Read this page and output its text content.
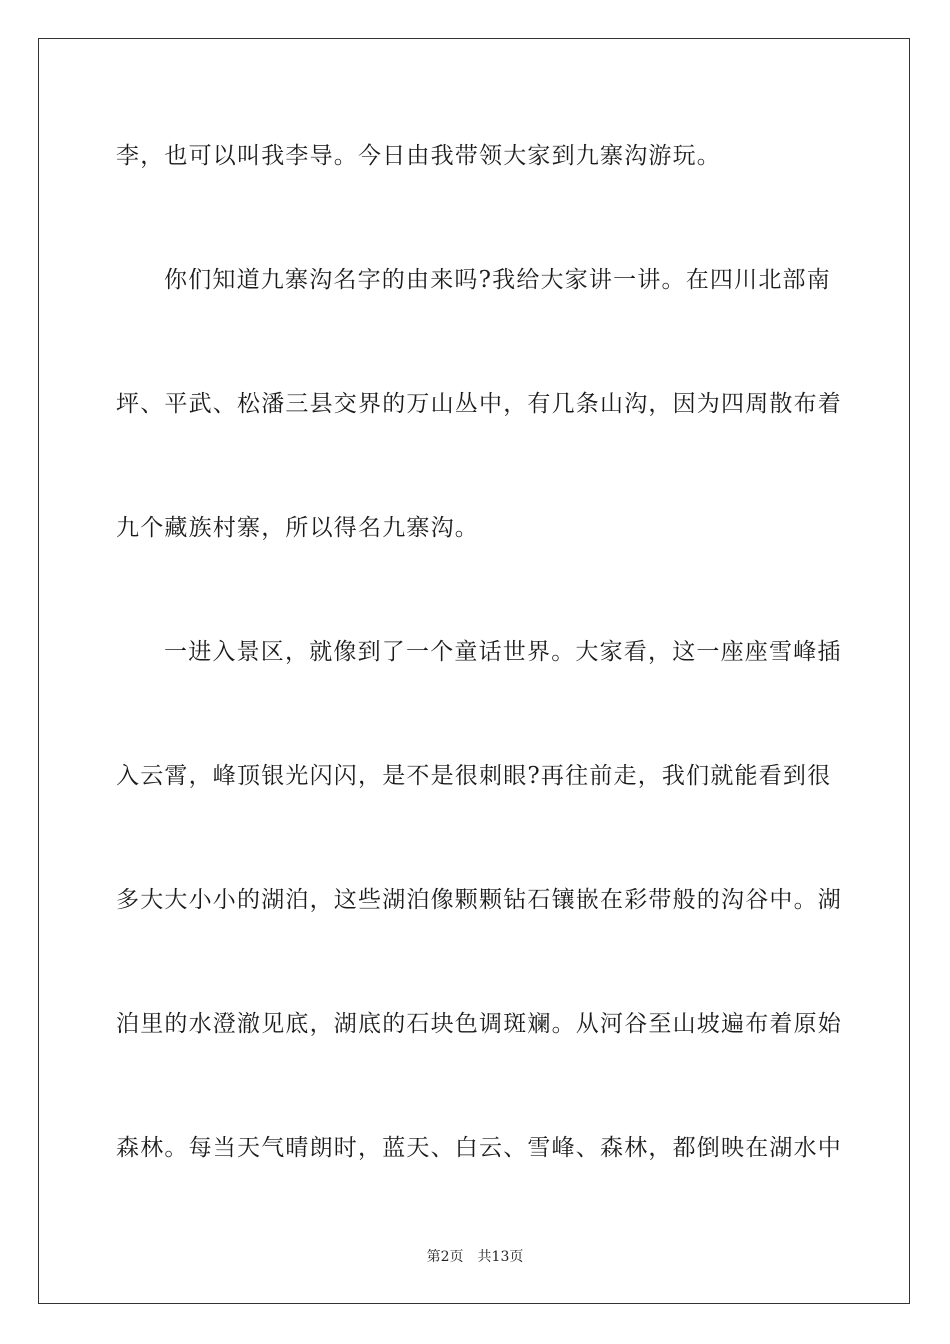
李，也可以叫我李导。今日由我带领大家到九寨沟游玩。
你们知道九寨沟名字的由来吗?我给大家讲一讲。在四川北部南
坪、平武、松潘三县交界的万山丛中，有几条山沟，因为四周散布着
九个藏族村寨，所以得名九寨沟。
一进入景区，就像到了一个童话世界。大家看，这一座座雪峰插
入云霄，峰顶银光闪闪，是不是很刺眼?再往前走，我们就能看到很
多大大小小的湖泊，这些湖泊像颗颗钻石镶嵌在彩带般的沟谷中。湖
泊里的水澄澈见底，湖底的石块色调斑斓。从河谷至山坡遍布着原始
森林。每当天气晴朗时，蓝天、白云、雪峰、森林，都倒映在湖水中
第2页 共13页
